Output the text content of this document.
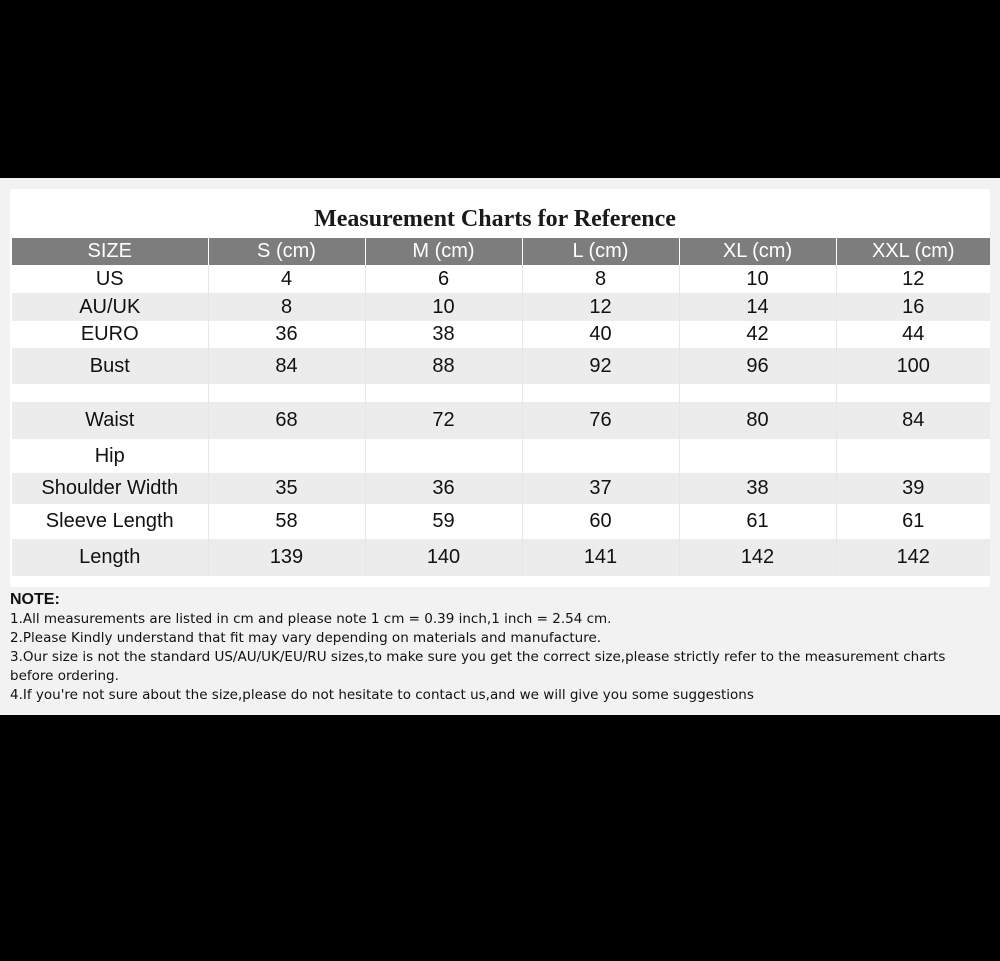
Measurement Charts for Reference
SIZE	S (cm)	M (cm)	L (cm)	XL (cm)	XXL (cm)
US	4	6	8	10	12
AU/UK	8	10	12	14	16
EURO	36	38	40	42	44
Bust	84	88	92	96	100

Waist	68	72	76	80	84
Hip					
Shoulder Width	35	36	37	38	39
Sleeve Length	58	59	60	61	61
Length	139	140	141	142	142
NOTE:

1.All measurements are listed in cm and please note 1 cm = 0.39 inch,1 inch = 2.54 cm.

2.Please Kindly understand that fit may vary depending on materials and manufacture.

3.Our size is not the standard US/AU/UK/EU/RU sizes,to make sure you get the correct size,please strictly refer to the measurement charts before ordering.

4.If you're not sure about the size,please do not hesitate to contact us,and we will give you some suggestions
